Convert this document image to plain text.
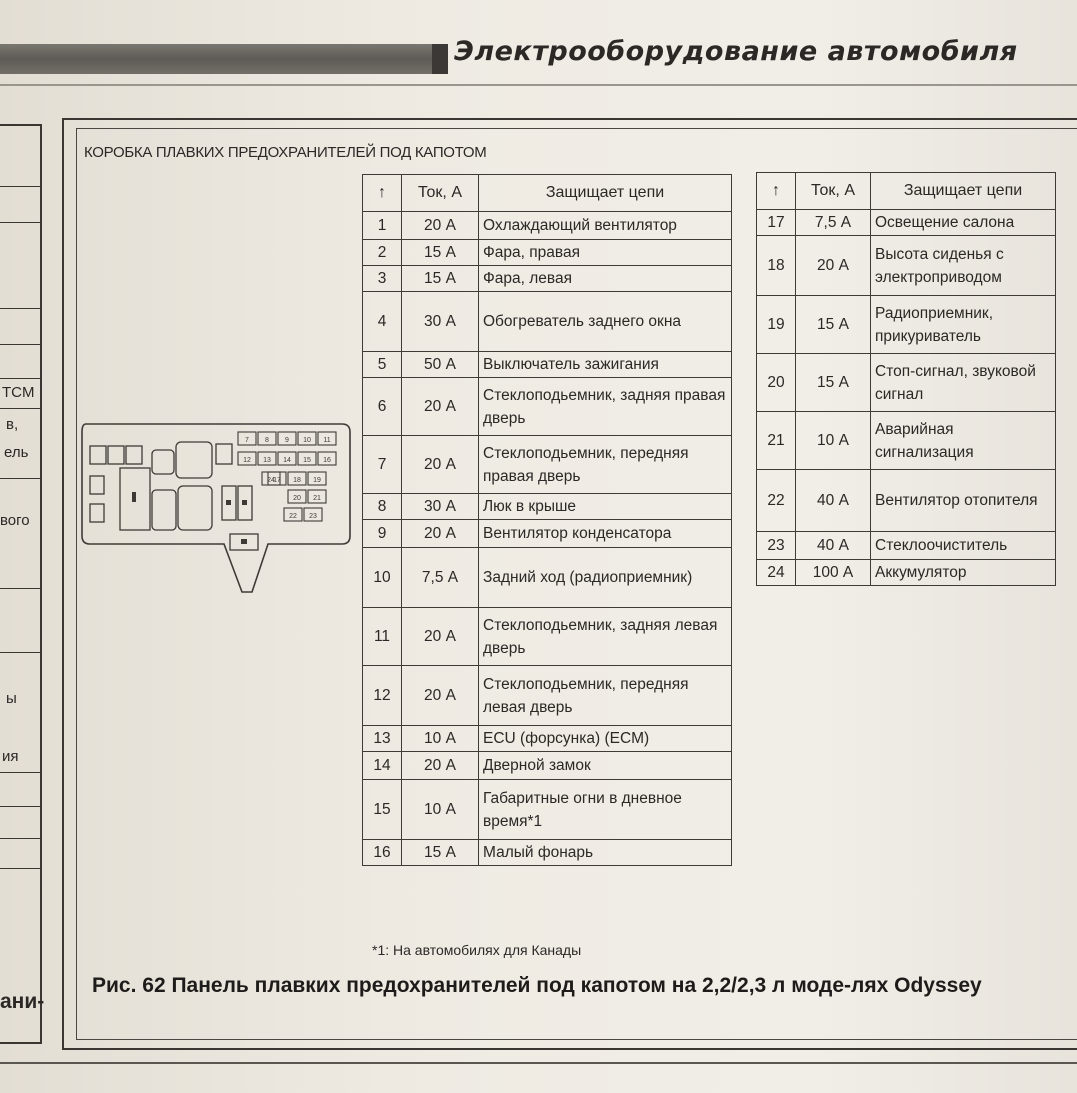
Электрооборудование автомобиля
TCM
в,
ель
вого
ы
ия
ани-
КОРОБКА ПЛАВКИХ ПРЕДОХРАНИТЕЛЕЙ ПОД КАПОТОМ
7 8 9 10 11
12 13 14 15 16
17 18 19
20 21
22 23
24
↑	Ток, А	Защищает цепи
1	20 А	Охлаждающий вентилятор
2	15 А	Фара, правая
3	15 А	Фара, левая
4	30 А	Обогреватель заднего окна
5	50 А	Выключатель зажигания
6	20 А	Стеклоподьемник, задняя правая дверь
7	20 А	Стеклоподьемник, передняя правая дверь
8	30 А	Люк в крыше
9	20 А	Вентилятор конденсатора
10	7,5 А	Задний ход (радиоприемник)
11	20 А	Стеклоподьемник, задняя левая дверь
12	20 А	Стеклоподьемник, передняя левая дверь
13	10 А	ECU (форсунка) (ECM)
14	20 А	Дверной замок
15	10 А	Габаритные огни в дневное время*1
16	15 А	Малый фонарь
↑	Ток, А	Защищает цепи
17	7,5 А	Освещение салона
18	20 А	Высота сиденья с электроприводом
19	15 А	Радиоприемник, прикуриватель
20	15 А	Стоп-сигнал, звуковой сигнал
21	10 А	Аварийная сигнализация
22	40 А	Вентилятор отопителя
23	40 А	Стеклоочиститель
24	100 А	Аккумулятор
*1: На автомобилях для Канады
Рис. 62 Панель плавких предохранителей под капотом на 2,2/2,3 л моде-лях Odyssey
